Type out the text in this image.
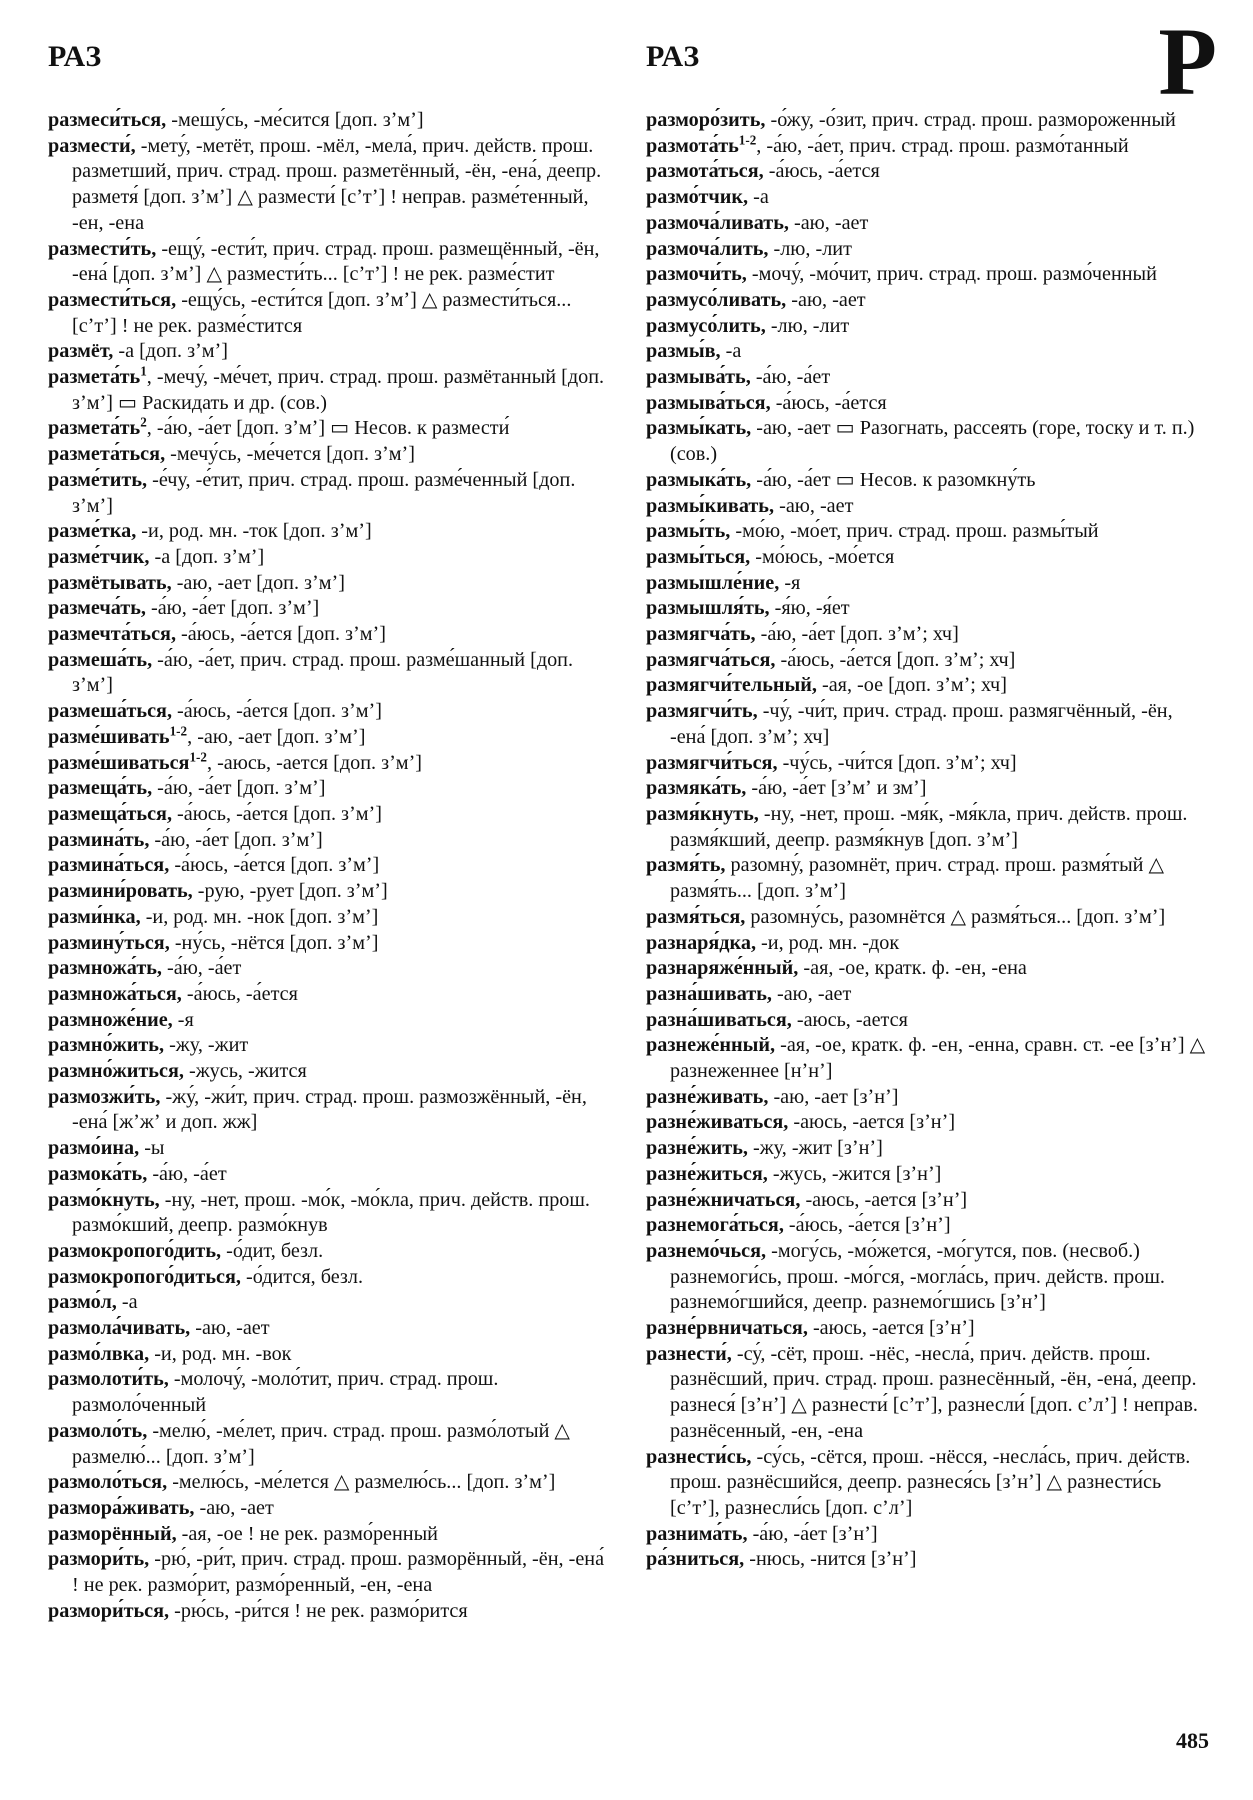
РАЗ	РАЗ	Р

размеси́ться, -мешу́сь, -ме́сится [доп. зʼмʼ]

размести́, -мету́, -метёт, прош. -мёл, -мела́, прич. действ. прош. разметший, прич. страд. прош. разметённый, -ён, -ена́, деепр. разметя́ [доп. зʼмʼ] △ размести́ [сʼтʼ] ! неправ. разме́тенный, -ен, -ена

размести́ть, -ещу́, -ести́т, прич. страд. прош. размещённый, -ён, -ена́ [доп. зʼмʼ] △ размести́ть... [сʼтʼ] ! не рек. разме́стит

размести́ться, -ещу́сь, -ести́тся [доп. зʼмʼ] △ размести́ться... [сʼтʼ] ! не рек. разме́стится

размёт, -а [доп. зʼмʼ]

$размета́ть^1$, -мечу́, -ме́чет, прич. страд. прош. размётанный [доп. зʼмʼ] ▭ Раскидать и др. (сов.)

$размета́ть^2$, -а́ю, -а́ет [доп. зʼмʼ] ▭ Несов. к размести́

размета́ться, -мечу́сь, -ме́чется [доп. зʼмʼ]

разме́тить, -е́чу, -е́тит, прич. страд. прош. разме́ченный [доп. зʼмʼ]

разме́тка, -и, род. мн. -ток [доп. зʼмʼ]

разме́тчик, -а [доп. зʼмʼ]

размётывать, -аю, -ает [доп. зʼмʼ]

размеча́ть, -а́ю, -а́ет [доп. зʼмʼ]

размечта́ться, -а́юсь, -а́ется [доп. зʼмʼ]

размеша́ть, -а́ю, -а́ет, прич. страд. прош. разме́шанный [доп. зʼмʼ]

размеша́ться, -а́юсь, -а́ется [доп. зʼмʼ]

разме́шивать$^{1-2}$, -аю, -ает [доп. зʼмʼ]

разме́шиваться$^{1-2}$, -аюсь, -ается [доп. зʼмʼ]

размеща́ть, -а́ю, -а́ет [доп. зʼмʼ]

размеща́ться, -а́юсь, -а́ется [доп. зʼмʼ]

размина́ть, -а́ю, -а́ет [доп. зʼмʼ]

размина́ться, -а́юсь, -а́ется [доп. зʼмʼ]

размини́ровать, -рую, -рует [доп. зʼмʼ]

разми́нка, -и, род. мн. -нок [доп. зʼмʼ]

размину́ться, -ну́сь, -нётся [доп. зʼмʼ]

размножа́ть, -а́ю, -а́ет

размножа́ться, -а́юсь, -а́ется

размноже́ние, -я

размно́жить, -жу, -жит

размно́житься, -жусь, -жится

размозжи́ть, -жу́, -жи́т, прич. страд. прош. размозжённый, -ён, -ена́ [жʼжʼ и доп. жж]

размо́ина, -ы

размока́ть, -а́ю, -а́ет

размо́кнуть, -ну, -нет, прош. -мо́к, -мо́кла, прич. действ. прош. размо́кший, деепр. размо́кнув

размокропого́дить, -о́дит, безл.

размокропого́диться, -о́дится, безл.

размо́л, -а

размола́чивать, -аю, -ает

размо́лвка, -и, род. мн. -вок

размолоти́ть, -молочу́, -моло́тит, прич. страд. прош. размоло́ченный

размоло́ть, -мелю́, -ме́лет, прич. страд. прош. размо́лотый △ размелю́... [доп. зʼмʼ]

размоло́ться, -мелю́сь, -ме́лется △ размелю́сь... [доп. зʼмʼ]

размора́живать, -аю, -ает

разморённый, -ая, -ое ! не рек. размо́ренный

размори́ть, -рю́, -ри́т, прич. страд. прош. разморённый, -ён, -ена́ ! не рек. размо́рит, размо́ренный, -ен, -ена

размори́ться, -рю́сь, -ри́тся ! не рек. размо́рится

разморо́зить, -о́жу, -о́зит, прич. страд. прош. размороженный

$размота́ть^{1-2}$, -а́ю, -а́ет, прич. страд. прош. размо́танный

размота́ться, -а́юсь, -а́ется

размо́тчик, -а

размоча́ливать, -аю, -ает

размоча́лить, -лю, -лит

размочи́ть, -мочу́, -мо́чит, прич. страд. прош. размо́ченный

размусо́ливать, -аю, -ает

размусо́лить, -лю, -лит

размы́в, -а

размыва́ть, -а́ю, -а́ет

размыва́ться, -а́юсь, -а́ется

размы́кать, -аю, -ает ▭ Разогнать, рассеять (горе, тоску и т. п.) (сов.)

размыка́ть, -а́ю, -а́ет ▭ Несов. к разомкну́ть

размы́кивать, -аю, -ает

размы́ть, -мо́ю, -мо́ет, прич. страд. прош. размы́тый

размы́ться, -мо́юсь, -мо́ется

размышле́ние, -я

размышля́ть, -я́ю, -я́ет

размягча́ть, -а́ю, -а́ет [доп. зʼмʼ; хч]

размягча́ться, -а́юсь, -а́ется [доп. зʼмʼ; хч]

размягчи́тельный, -ая, -ое [доп. зʼмʼ; хч]

размягчи́ть, -чу́, -чи́т, прич. страд. прош. размягчённый, -ён, -ена́ [доп. зʼмʼ; хч]

размягчи́ться, -чу́сь, -чи́тся [доп. зʼмʼ; хч]

размяка́ть, -а́ю, -а́ет [зʼмʼ и змʼ]

размя́кнуть, -ну, -нет, прош. -мя́к, -мя́кла, прич. действ. прош. размя́кший, деепр. размя́кнув [доп. зʼмʼ]

размя́ть, разомну́, разомнёт, прич. страд. прош. размя́тый △ размя́ть... [доп. зʼмʼ]

размя́ться, разомну́сь, разомнётся △ размя́ться... [доп. зʼмʼ]

разнаря́дка, -и, род. мн. -док

разнаряже́нный, -ая, -ое, кратк. ф. -ен, -ена

разна́шивать, -аю, -ает

разна́шиваться, -аюсь, -ается

разнеже́нный, -ая, -ое, кратк. ф. -ен, -енна, сравн. ст. -ее [зʼнʼ] △ разнеженнее [нʼнʼ]

разне́живать, -аю, -ает [зʼнʼ]

разне́живаться, -аюсь, -ается [зʼнʼ]

разне́жить, -жу, -жит [зʼнʼ]

разне́житься, -жусь, -жится [зʼнʼ]

разне́жничаться, -аюсь, -ается [зʼнʼ]

разнемога́ться, -а́юсь, -а́ется [зʼнʼ]

разнемо́чься, -могу́сь, -мо́жется, -мо́гутся, пов. (несвоб.) разнемоги́сь, прош. -мо́гся, -могла́сь, прич. действ. прош. разнемо́гшийся, деепр. разнемо́гшись [зʼнʼ]

разне́рвничаться, -аюсь, -ается [зʼнʼ]

разнести́, -су́, -сёт, прош. -нёс, -несла́, прич. действ. прош. разнёсший, прич. страд. прош. разнесённый, -ён, -ена́, деепр. разнеся́ [зʼнʼ] △ разнести́ [сʼтʼ], разнесли́ [доп. сʼлʼ] ! неправ. разнёсенный, -ен, -ена

разнести́сь, -су́сь, -сётся, прош. -нёсся, -несла́сь, прич. действ. прош. разнёсшийся, деепр. разнеся́сь [зʼнʼ] △ разнести́сь [сʼтʼ], разнесли́сь [доп. сʼлʼ]

разнима́ть, -а́ю, -а́ет [зʼнʼ]

ра́зниться, -нюсь, -нится [зʼнʼ]

485
